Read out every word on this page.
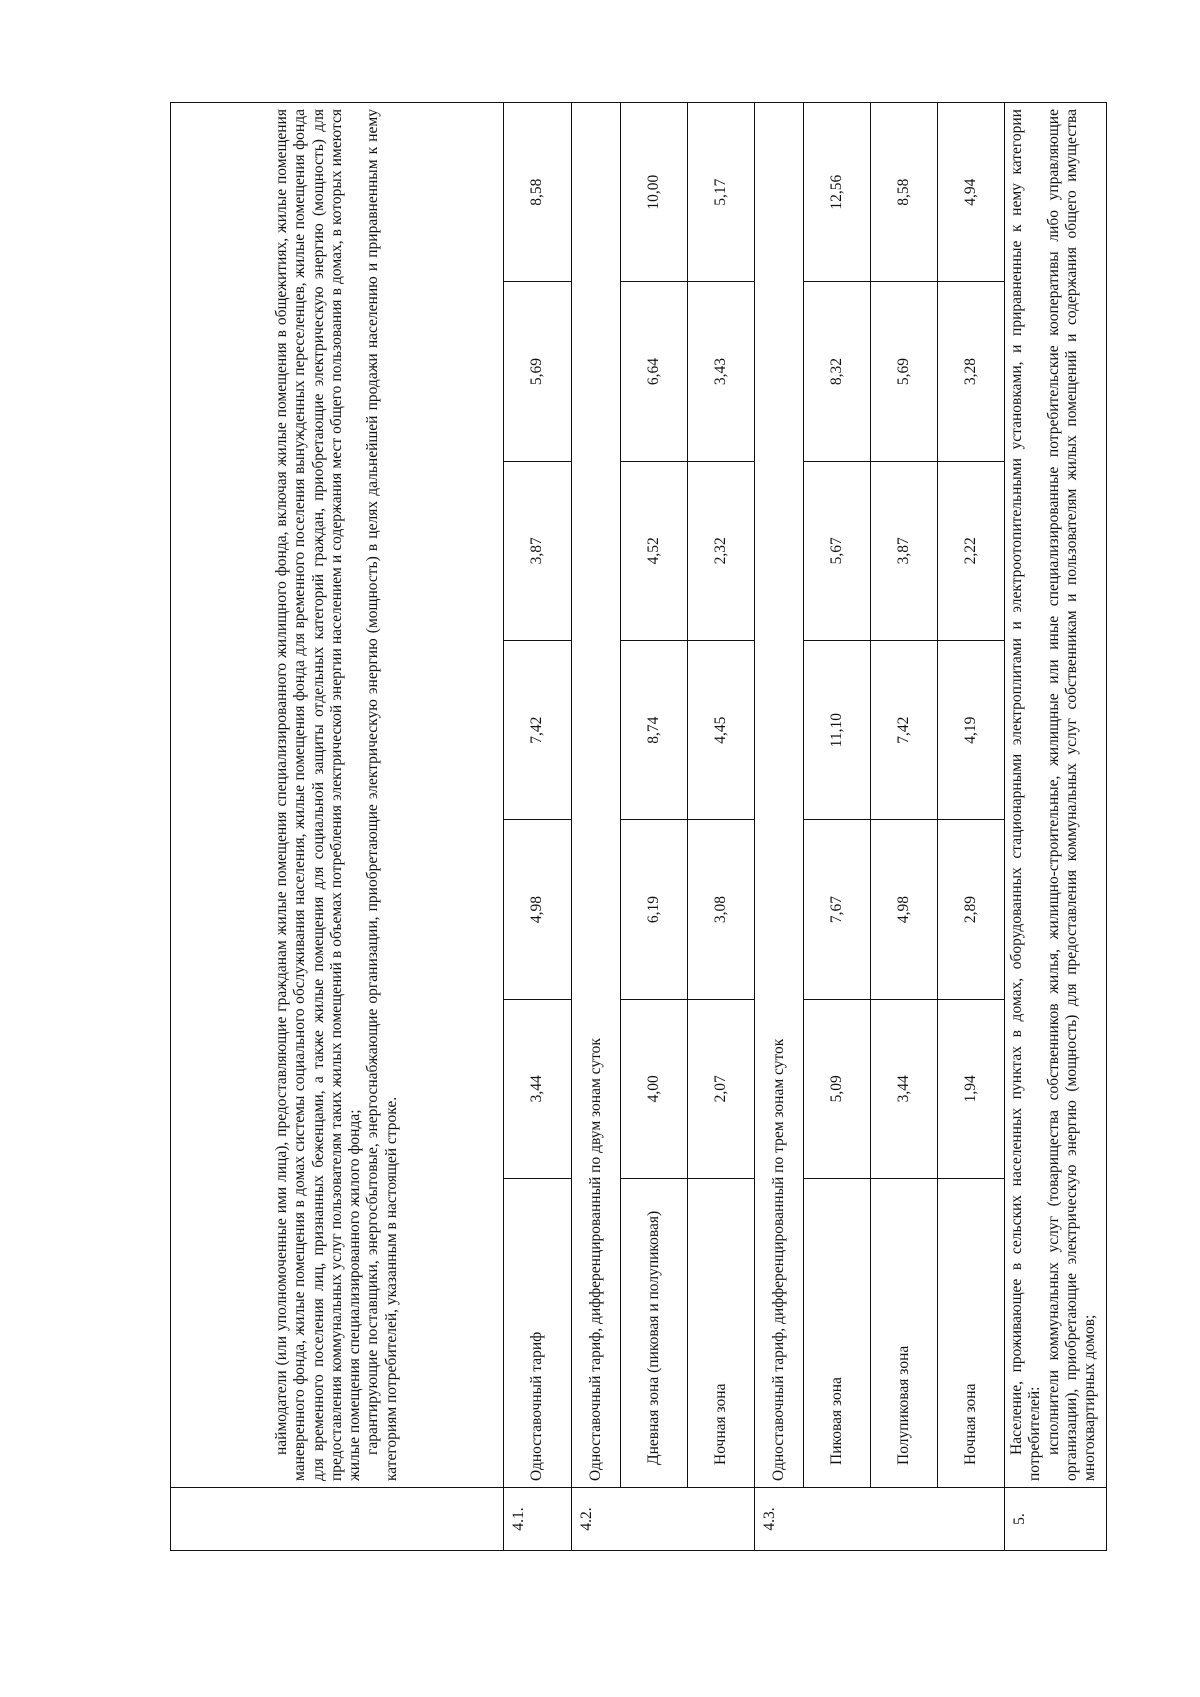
	наймодатели (или уполномоченные ими лица), предоставляющие гражданам жилые помещения специализированного жилищного фонда, включая жилые помещения в общежитиях, жилые помещения маневренного фонда, жилые помещения в домах системы социального обслуживания населения, жилые помещения фонда для временного поселения вынужденных переселенцев, жилые помещения фонда для временного поселения лиц, признанных беженцами, а также жилые помещения для социальной защиты отдельных категорий граждан, приобретающие электрическую энергию (мощность) для предоставления коммунальных услуг пользователям таких жилых помещений в объемах потребления электрической энергии населением и содержания мест общего пользования в домах, в которых имеются жилые помещения специализированного жилого фонда; гарантирующие поставщики, энергосбытовые, энергоснабжающие организации, приобретающие электрическую энергию (мощность) в целях дальнейшей продажи населению и приравненным к нему категориям потребителей, указанным в настоящей строке.						

4.1.	Одноставочный тариф	3,44	4,98	7,42	3,87	5,69	8,58
4.2.	Одноставочный тариф, дифференцированный по двум зонам суток						
	Дневная зона (пиковая и полупиковая)	4,00	6,19	8,74	4,52	6,64	10,00
	Ночная зона	2,07	3,08	4,45	2,32	3,43	5,17
4.3.	Одноставочный тариф, дифференцированный по трем зонам суток						
	Пиковая зона	5,09	7,67	11,10	5,67	8,32	12,56
	Полупиковая зона	3,44	4,98	7,42	3,87	5,69	8,58
	Ночная зона	1,94	2,89	4,19	2,22	3,28	4,94
5.	Население, проживающее в сельских населенных пунктах в домах, оборудованных стационарными электроплитами и электроотопительными установками, и приравненные к нему категории потребителей: исполнители коммунальных услуг (товарищества собственников жилья, жилищно-строительные, жилищные или иные специализированные потребительские кооперативы либо управляющие организации), приобретающие электрическую энергию (мощность) для предоставления коммунальных услуг собственникам и пользователям жилых помещений и содержания общего имущества многоквартирных домов;						
